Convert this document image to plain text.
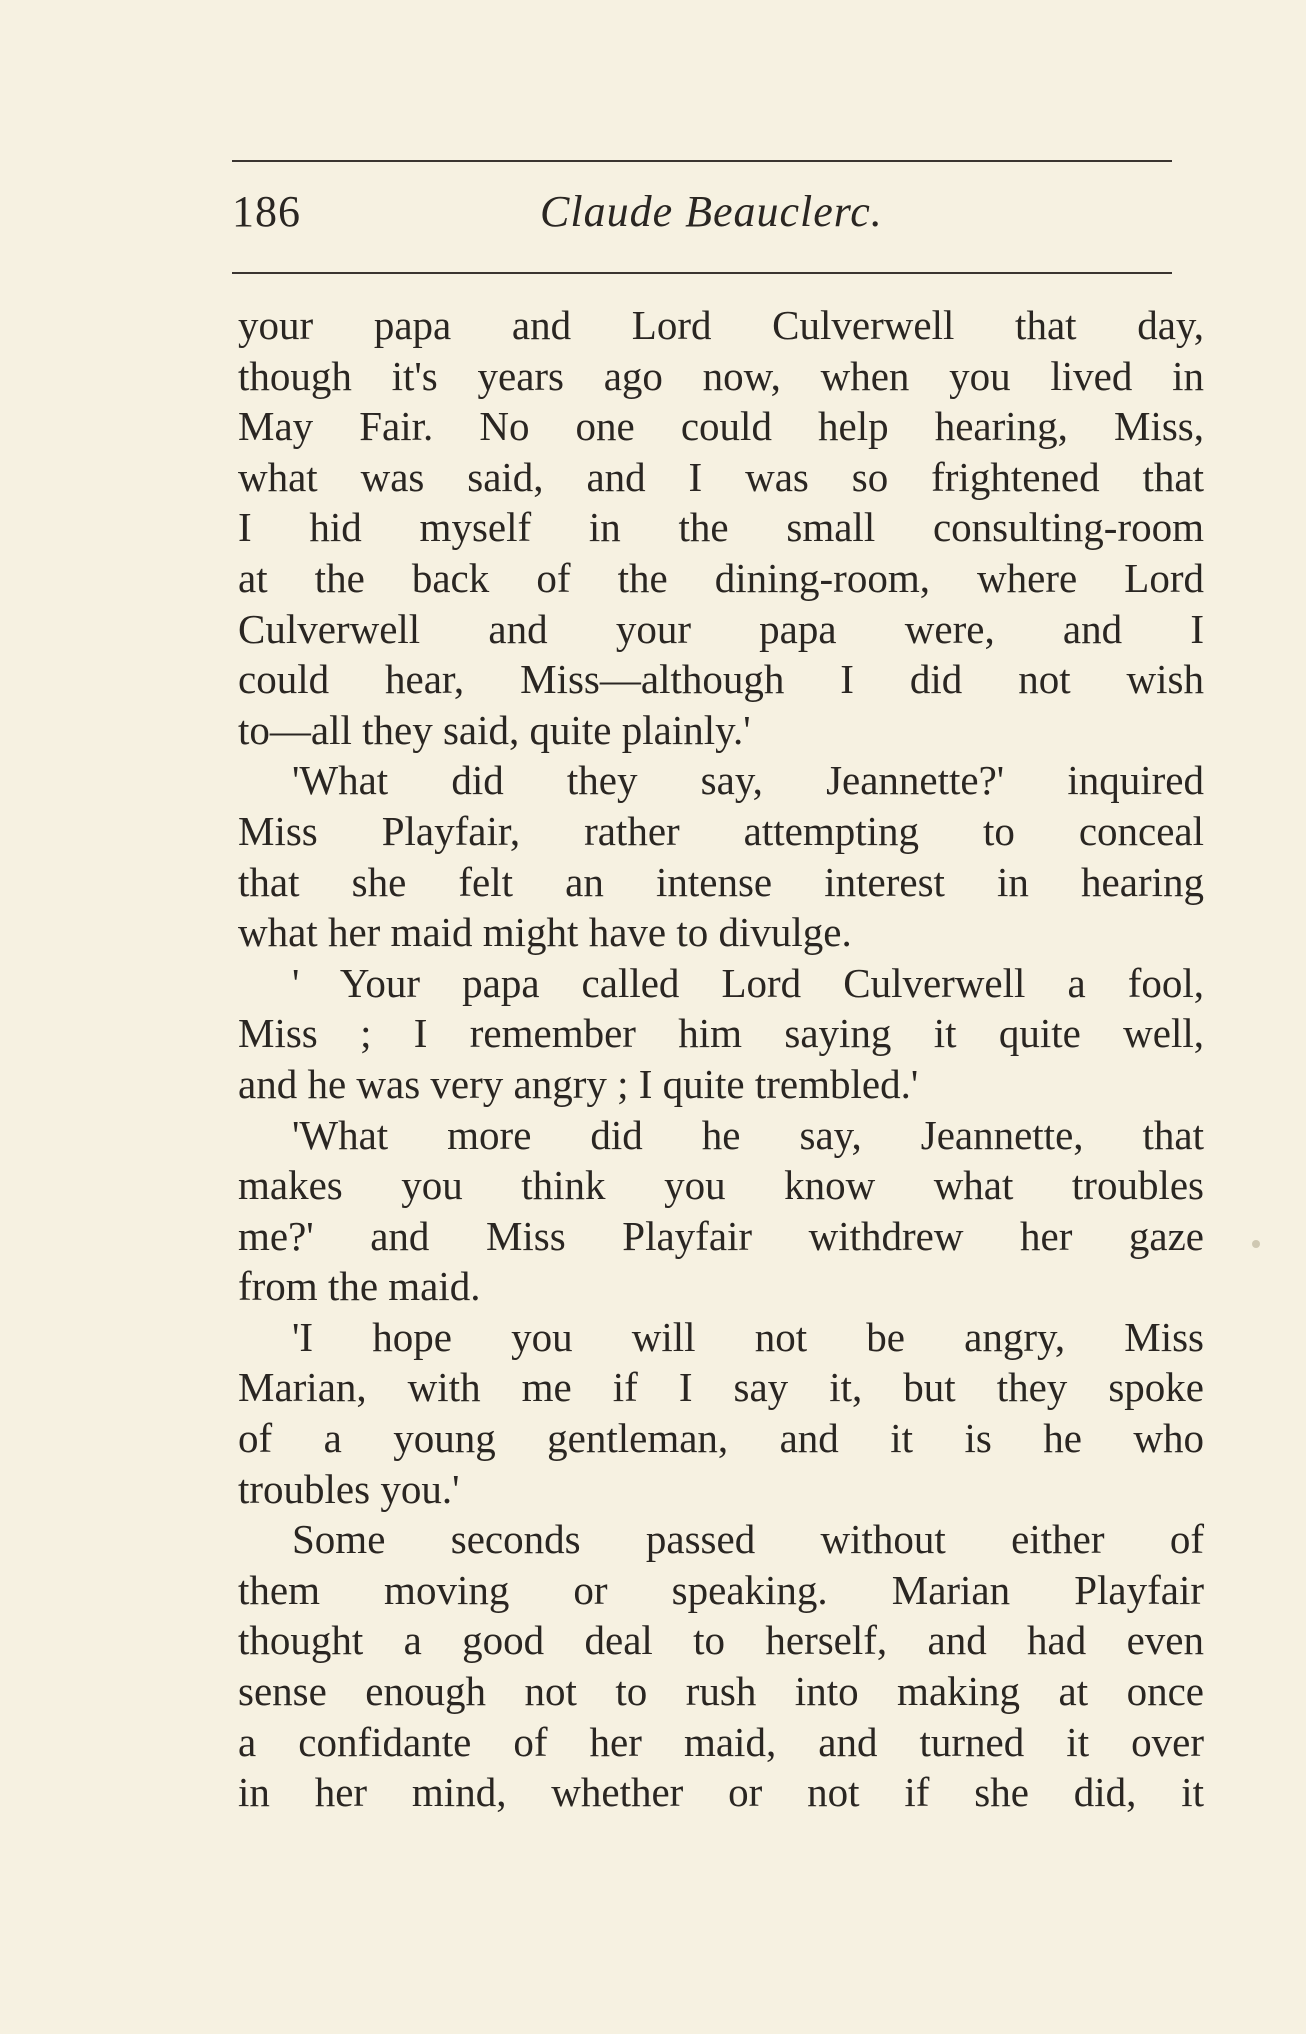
186	Claude Beauclerc.
your papa and Lord Culverwell that day,
though it's years ago now, when you lived in
May Fair. No one could help hearing, Miss,
what was said, and I was so frightened that
I hid myself in the small consulting-room
at the back of the dining-room, where Lord
Culverwell and your papa were, and I
could hear, Miss—although I did not wish
to—all they said, quite plainly.'
'What did they say, Jeannette?' inquired
Miss Playfair, rather attempting to conceal
that she felt an intense interest in hearing
what her maid might have to divulge.
' Your papa called Lord Culverwell a fool,
Miss ; I remember him saying it quite well,
and he was very angry ; I quite trembled.'
'What more did he say, Jeannette, that
makes you think you know what troubles
me?' and Miss Playfair withdrew her gaze
from the maid.
'I hope you will not be angry, Miss
Marian, with me if I say it, but they spoke
of a young gentleman, and it is he who
troubles you.'
Some seconds passed without either of
them moving or speaking. Marian Playfair
thought a good deal to herself, and had even
sense enough not to rush into making at once
a confidante of her maid, and turned it over
in her mind, whether or not if she did, it
